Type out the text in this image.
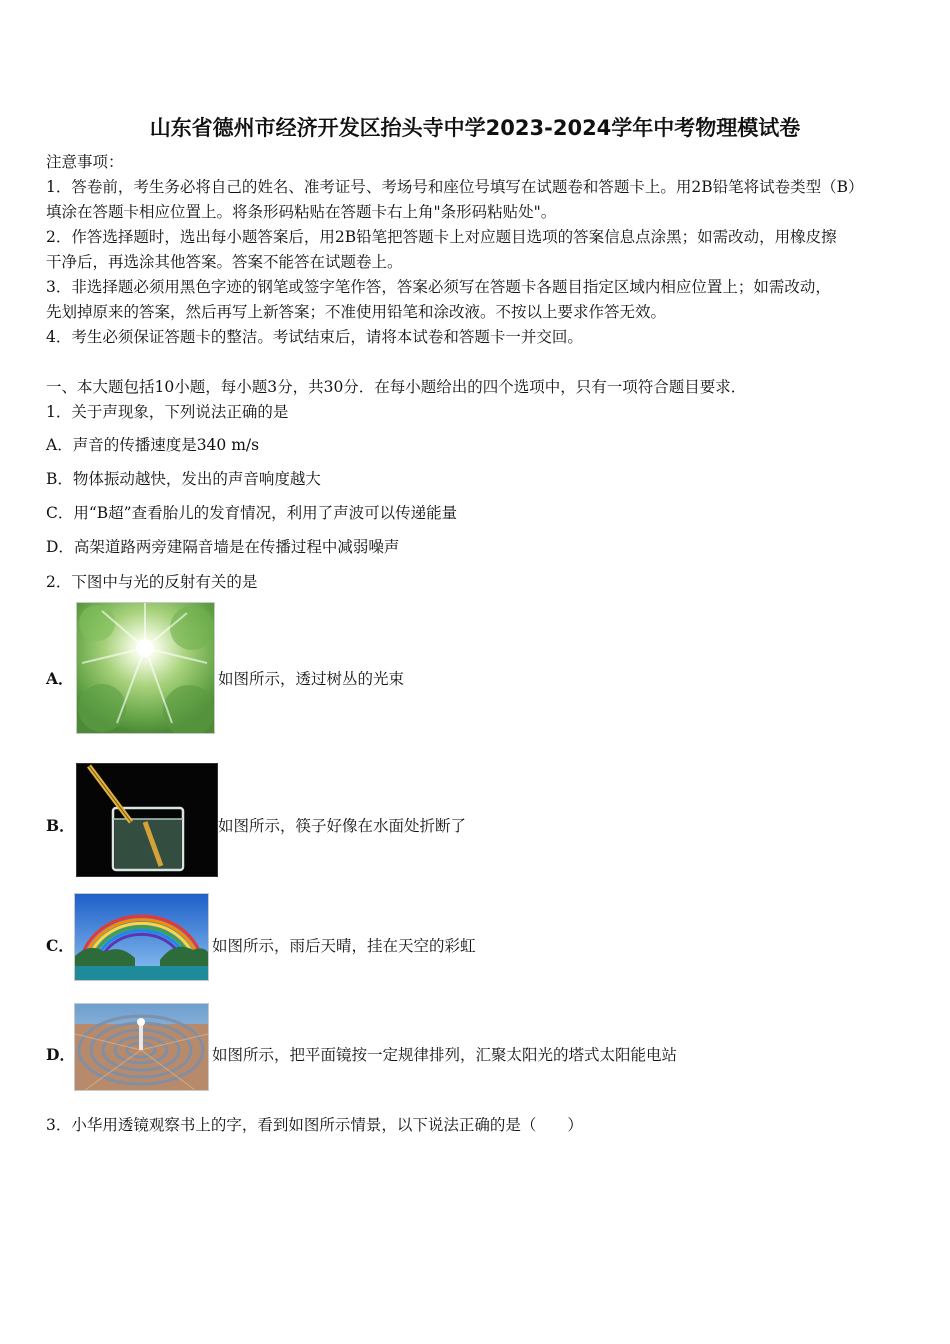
山东省德州市经济开发区抬头寺中学2023-2024学年中考物理模试卷
注意事项：
1．答卷前，考生务必将自己的姓名、准考证号、考场号和座位号填写在试题卷和答题卡上。用2B铅笔将试卷类型（B）
填涂在答题卡相应位置上。将条形码粘贴在答题卡右上角"条形码粘贴处"。
2．作答选择题时，选出每小题答案后，用2B铅笔把答题卡上对应题目选项的答案信息点涂黑；如需改动，用橡皮擦
干净后，再选涂其他答案。答案不能答在试题卷上。
3．非选择题必须用黑色字迹的钢笔或签字笔作答，答案必须写在答题卡各题目指定区域内相应位置上；如需改动，
先划掉原来的答案，然后再写上新答案；不准使用铅笔和涂改液。不按以上要求作答无效。
4．考生必须保证答题卡的整洁。考试结束后，请将本试卷和答题卡一并交回。
一、本大题包括10小题，每小题3分，共30分．在每小题给出的四个选项中，只有一项符合题目要求．
1．关于声现象，下列说法正确的是
A．声音的传播速度是340 m/s
B．物体振动越快，发出的声音响度越大
C．用“B超”查看胎儿的发育情况，利用了声波可以传递能量
D．高架道路两旁建隔音墙是在传播过程中减弱噪声
2．下图中与光的反射有关的是
A．	如图所示，透过树丛的光束
B．	如图所示，筷子好像在水面处折断了
C．	如图所示，雨后天晴，挂在天空的彩虹
D．	如图所示，把平面镜按一定规律排列，汇聚太阳光的塔式太阳能电站
3．小华用透镜观察书上的字，看到如图所示情景，以下说法正确的是（　　）
